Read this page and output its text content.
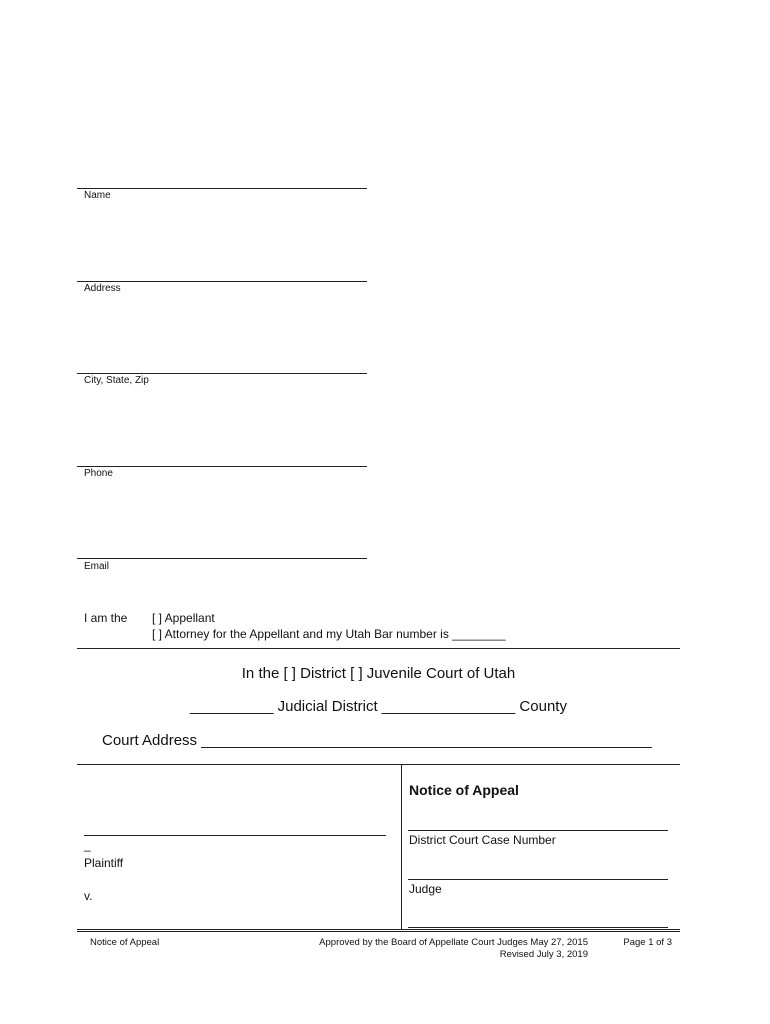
Name
Address
City, State, Zip
Phone
Email
I am the [ ] Appellant
[ ] Attorney for the Appellant and my Utah Bar number is ________
In the [ ] District [ ] Juvenile Court of Utah
__________ Judicial District ________________ County
Court Address ______________________________________________________
_
Plaintiff
v.
Notice of Appeal
District Court Case Number
Judge
Notice of Appeal	Approved by the Board of Appellate Court Judges May 27, 2015
Revised July 3, 2019
Page 1 of 3
